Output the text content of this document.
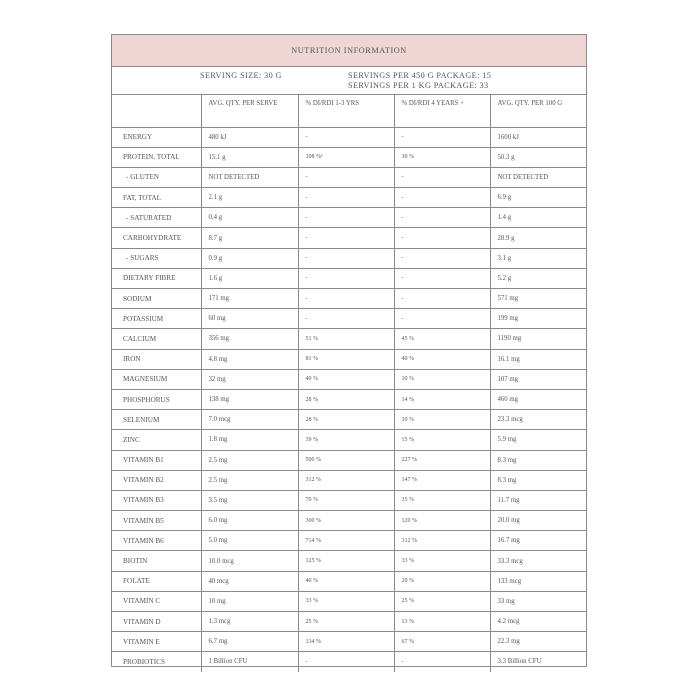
NUTRITION INFORMATION
SERVING SIZE: 30 G	SERVINGS PER 450 G PACKAGE: 15
SERVINGS PER 1 KG PACKAGE: 33
	AVG. QTY. PER SERVE	% DI/RDI 1-3 YRS	% DI/RDI 4 YEARS +	AVG. QTY. PER 100 G
ENERGY	480 kJ	-	-	1600 kJ
PROTEIN, TOTAL	15.1 g	108 %¹	30 %	50.3 g
- GLUTEN	NOT DETECTED	-	-	NOT DETECTED
FAT, TOTAL	2.1 g	-	-	6.9 g
- SATURATED	0.4 g	-	-	1.4 g
CARBOHYDRATE	8.7 g	-	-	28.9 g
- SUGARS	0.9 g	-	-	3.1 g
DIETARY FIBRE	1.6 g	-	-	5.2 g
SODIUM	171 mg	-	-	571 mg
POTASSIUM	60 mg	-	-	199 mg
CALCIUM	356 mg	51 %	45 %	1190 mg
IRON	4.8 mg	81 %	40 %	16.1 mg
MAGNESIUM	32 mg	40 %	10 %	107 mg
PHOSPHORUS	138 mg	28 %	14 %	460 mg
SELENIUM	7.0 mcg	28 %	10 %	23.3 mcg
ZINC	1.8 mg	39 %	15 %	5.9 mg
VITAMIN B1	2.5 mg	500 %	227 %	8.3 mg
VITAMIN B2	2.5 mg	312 %	147 %	8.3 mg
VITAMIN B3	3.5 mg	70 %	35 %	11.7 mg
VITAMIN B5	6.0 mg	300 %	120 %	20.0 mg
VITAMIN B6	5.0 mg	714 %	312 %	16.7 mg
BIOTIN	10.0 mcg	125 %	33 %	33.3 mcg
FOLATE	40 mcg	40 %	20 %	133 mcg
VITAMIN C	10 mg	33 %	25 %	33 mg
VITAMIN D	1.3 mcg	25 %	13 %	4.2 mcg
VITAMIN E	6.7 mg	134 %	67 %	22.3 mg
PROBIOTICS	1 Billion CFU	-	-	3.3 Billion CFU
